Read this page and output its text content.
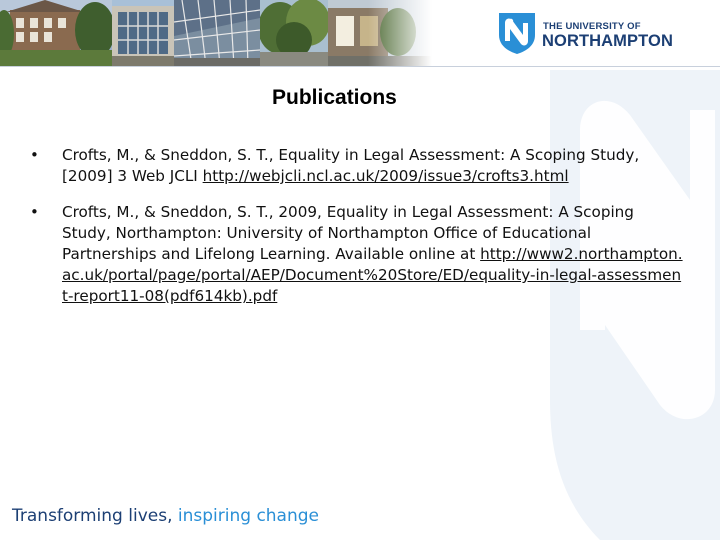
THE UNIVERSITY OF
NORTHAMPTON
Publications
• Crofts, M., & Sneddon, S. T., Equality in Legal Assessment: A Scoping Study, [2009] 3 Web JCLI http://webjcli.ncl.ac.uk/2009/issue3/crofts3.html
• Crofts, M., & Sneddon, S. T., 2009, Equality in Legal Assessment: A Scoping Study, Northampton: University of Northampton Office of Educational Partnerships and Lifelong Learning. Available online at http://www2.northampton.ac.uk/portal/page/portal/AEP/Document%20Store/ED/equality-in-legal-assessment-report11-08(pdf614kb).pdf
Transforming lives, inspiring change
